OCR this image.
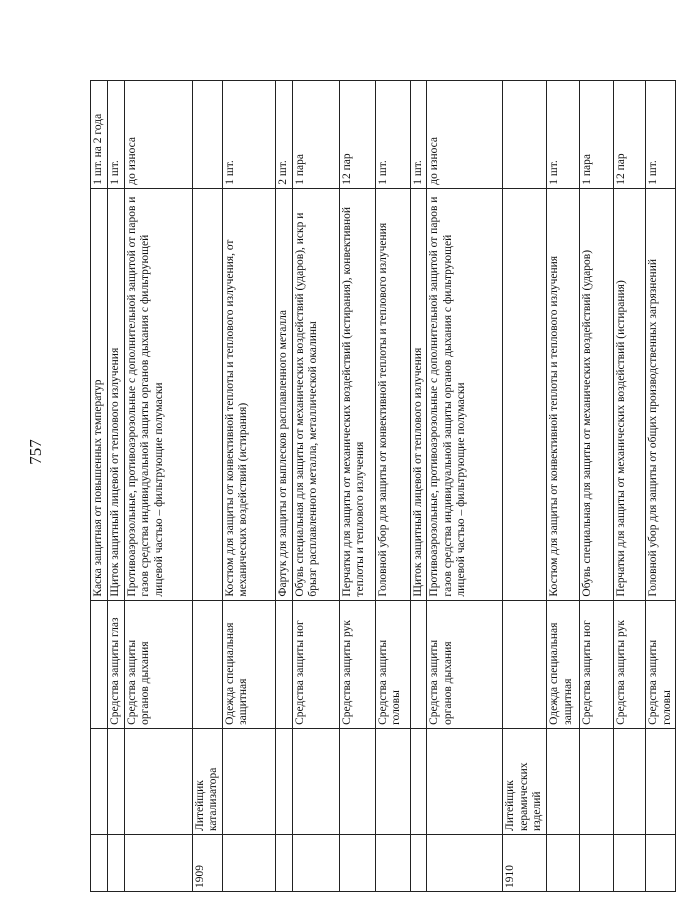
757
				Каска защитная от повышенных температур	1 шт. на 2 года
		Средства защиты глаз	Щиток защитный лицевой от теплового излучения	1 шт.
		Средства защиты органов дыхания	Противоаэрозольные, противоаэрозольные с дополнительной защитой от паров и газов средства индивидуальной защиты органов дыхания с фильтрующей лицевой частью – фильтрующие полумаски	до износа
1909	Литейщик катализатора			
		Одежда специальная защитная	Костюм для защиты от конвективной теплоты и теплового излучения, от механических воздействий (истирания)	1 шт.
			Фартук для защиты от выплесков расплавленного металла	2 шт.
		Средства защиты ног	Обувь специальная для защиты от механических воздействий (ударов), искр и брызг расплавленного металла, металлической окалины	1 пара
		Средства защиты рук	Перчатки для защиты от механических воздействий (истирания), конвективной теплоты и теплового излучения	12 пар
		Средства защиты головы	Головной убор для защиты от конвективной теплоты и теплового излучения	1 шт.
			Щиток защитный лицевой от теплового излучения	1 шт.
		Средства защиты органов дыхания	Противоаэрозольные, противоаэрозольные с дополнительной защитой от паров и газов средства индивидуальной защиты органов дыхания с фильтрующей лицевой частью – фильтрующие полумаски	до износа
1910	Литейщик керамических изделий			
		Одежда специальная защитная	Костюм для защиты от конвективной теплоты и теплового излучения	1 шт.
		Средства защиты ног	Обувь специальная для защиты от механических воздействий (ударов)	1 пара
		Средства защиты рук	Перчатки для защиты от механических воздействий (истирания)	12 пар
		Средства защиты головы	Головной убор для защиты от общих производственных загрязнений	1 шт.
